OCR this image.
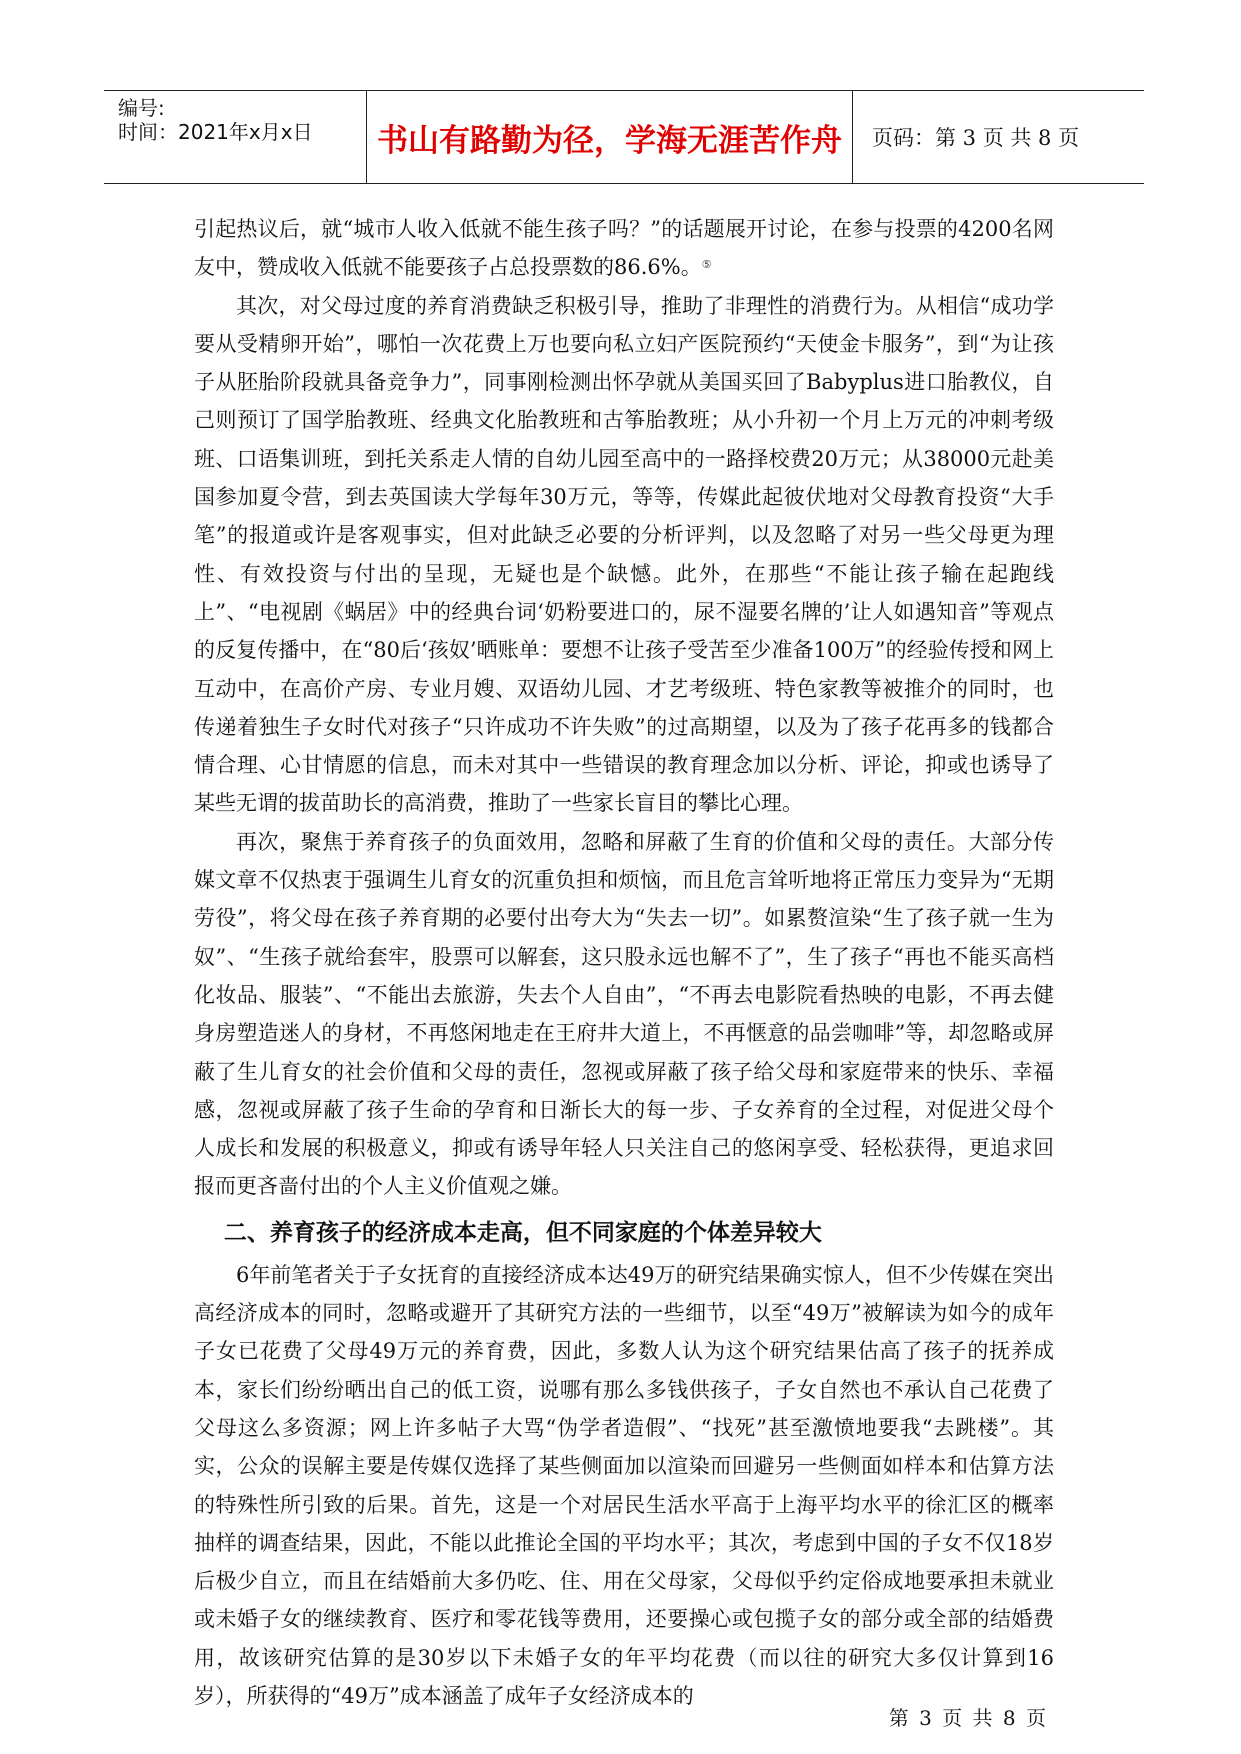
编号:
时间：2021年x月x日	书山有路勤为径，学海无涯苦作舟	页码：第 3 页 共 8 页

引起热议后，就“城市人收入低就不能生孩子吗？”的话题展开讨论，在参与投票的4200名网友中，赞成收入低就不能要孩子占总投票数的86.6%。⑤

其次，对父母过度的养育消费缺乏积极引导，推助了非理性的消费行为。从相信“成功学要从受精卵开始”，哪怕一次花费上万也要向私立妇产医院预约“天使金卡服务”，到“为让孩子从胚胎阶段就具备竞争力”，同事刚检测出怀孕就从美国买回了Babyplus进口胎教仪，自己则预订了国学胎教班、经典文化胎教班和古筝胎教班；从小升初一个月上万元的冲刺考级班、口语集训班，到托关系走人情的自幼儿园至高中的一路择校费20万元；从38000元赴美国参加夏令营，到去英国读大学每年30万元，等等，传媒此起彼伏地对父母教育投资“大手笔”的报道或许是客观事实，但对此缺乏必要的分析评判，以及忽略了对另一些父母更为理性、有效投资与付出的呈现，无疑也是个缺憾。此外，在那些“不能让孩子输在起跑线上”、“电视剧《蜗居》中的经典台词‘奶粉要进口的，尿不湿要名牌的’让人如遇知音”等观点的反复传播中，在“80后‘孩奴’晒账单：要想不让孩子受苦至少准备100万”的经验传授和网上互动中，在高价产房、专业月嫂、双语幼儿园、才艺考级班、特色家教等被推介的同时，也传递着独生子女时代对孩子“只许成功不许失败”的过高期望，以及为了孩子花再多的钱都合情合理、心甘情愿的信息，而未对其中一些错误的教育理念加以分析、评论，抑或也诱导了某些无谓的拔苗助长的高消费，推助了一些家长盲目的攀比心理。

再次，聚焦于养育孩子的负面效用，忽略和屏蔽了生育的价值和父母的责任。大部分传媒文章不仅热衷于强调生儿育女的沉重负担和烦恼，而且危言耸听地将正常压力变异为“无期劳役”，将父母在孩子养育期的必要付出夸大为“失去一切”。如累赘渲染“生了孩子就一生为奴”、“生孩子就给套牢，股票可以解套，这只股永远也解不了”，生了孩子“再也不能买高档化妆品、服装”、“不能出去旅游，失去个人自由”，“不再去电影院看热映的电影，不再去健身房塑造迷人的身材，不再悠闲地走在王府井大道上，不再惬意的品尝咖啡”等，却忽略或屏蔽了生儿育女的社会价值和父母的责任，忽视或屏蔽了孩子给父母和家庭带来的快乐、幸福感，忽视或屏蔽了孩子生命的孕育和日渐长大的每一步、子女养育的全过程，对促进父母个人成长和发展的积极意义，抑或有诱导年轻人只关注自己的悠闲享受、轻松获得，更追求回报而更吝啬付出的个人主义价值观之嫌。

二、养育孩子的经济成本走高，但不同家庭的个体差异较大

6年前笔者关于子女抚育的直接经济成本达49万的研究结果确实惊人，但不少传媒在突出高经济成本的同时，忽略或避开了其研究方法的一些细节，以至“49万”被解读为如今的成年子女已花费了父母49万元的养育费，因此，多数人认为这个研究结果估高了孩子的抚养成本，家长们纷纷晒出自己的低工资，说哪有那么多钱供孩子，子女自然也不承认自己花费了父母这么多资源；网上许多帖子大骂“伪学者造假”、“找死”甚至激愤地要我“去跳楼”。其实，公众的误解主要是传媒仅选择了某些侧面加以渲染而回避另一些侧面如样本和估算方法的特殊性所引致的后果。首先，这是一个对居民生活水平高于上海平均水平的徐汇区的概率抽样的调查结果，因此，不能以此推论全国的平均水平；其次，考虑到中国的子女不仅18岁后极少自立，而且在结婚前大多仍吃、住、用在父母家，父母似乎约定俗成地要承担未就业或未婚子女的继续教育、医疗和零花钱等费用，还要操心或包揽子女的部分或全部的结婚费用，故该研究估算的是30岁以下未婚子女的年平均花费（而以往的研究大多仅计算到16岁），所获得的“49万”成本涵盖了成年子女经济成本的

第 3 页 共 8 页
